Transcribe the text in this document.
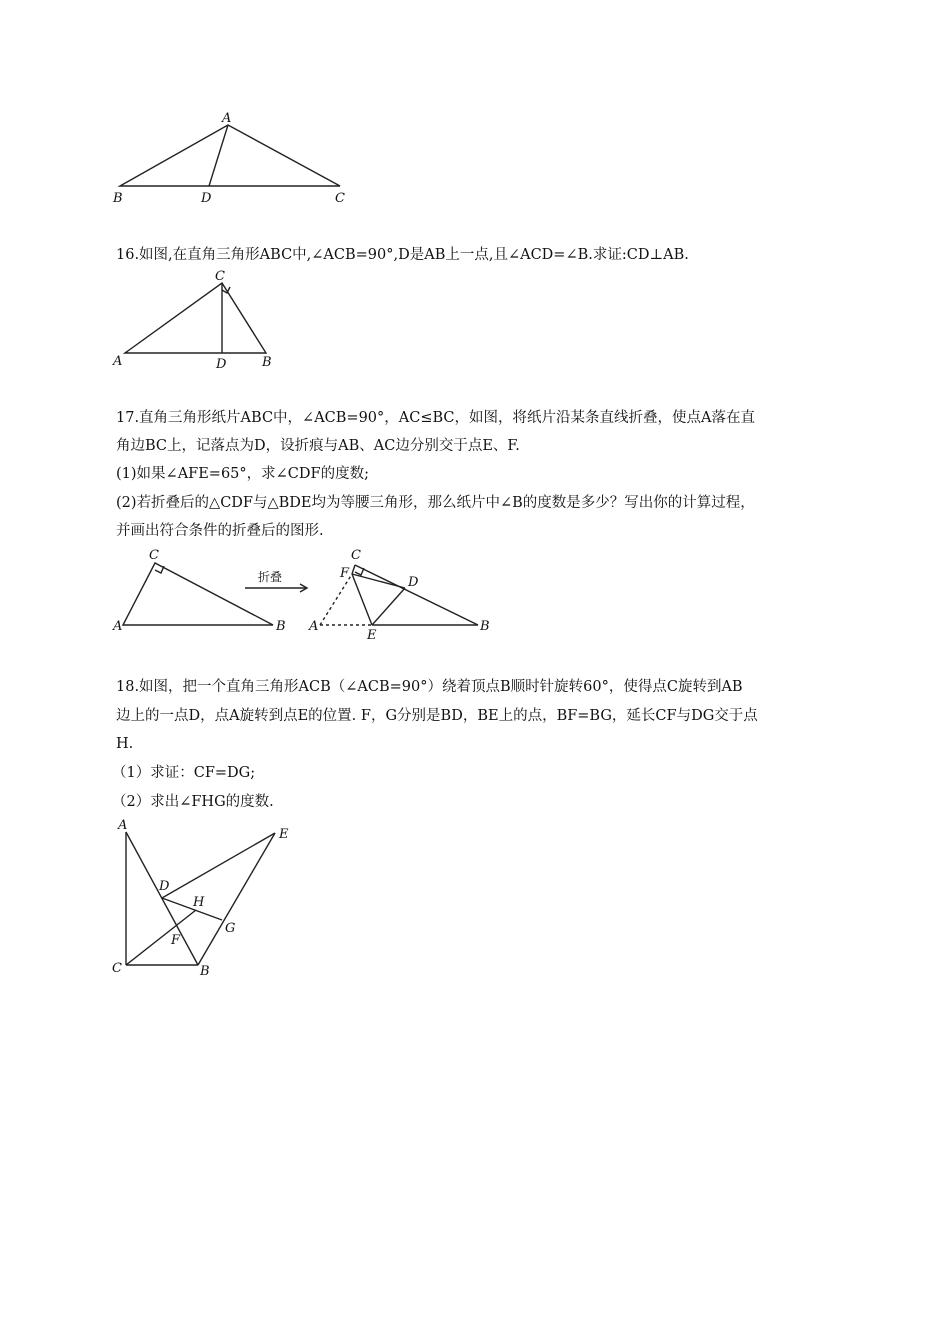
A
B	D	C
16.如图,在直角三角形ABC中,∠ACB=90°,D是AB上一点,且∠ACD=∠B.求证:CD⊥AB.
C
A	D	B
17.直角三角形纸片ABC中，∠ACB=90°，AC≤BC，如图，将纸片沿某条直线折叠，使点A落在直
角边BC上，记落点为D，设折痕与AB、AC边分别交于点E、F.
(1)如果∠AFE=65°，求∠CDF的度数;
(2)若折叠后的△CDF与△BDE均为等腰三角形，那么纸片中∠B的度数是多少？写出你的计算过程，
并画出符合条件的折叠后的图形.
C
A	B
折叠
C
F
D
A
E
B
18.如图，把一个直角三角形ACB（∠ACB=90°）绕着顶点B顺时针旋转60°，使得点C旋转到AB
边上的一点D，点A旋转到点E的位置. F，G分别是BD，BE上的点，BF=BG，延长CF与DG交于点
H.
（1）求证：CF=DG;
（2）求出∠FHG的度数.
A
E
D
H
G
F
C	B
